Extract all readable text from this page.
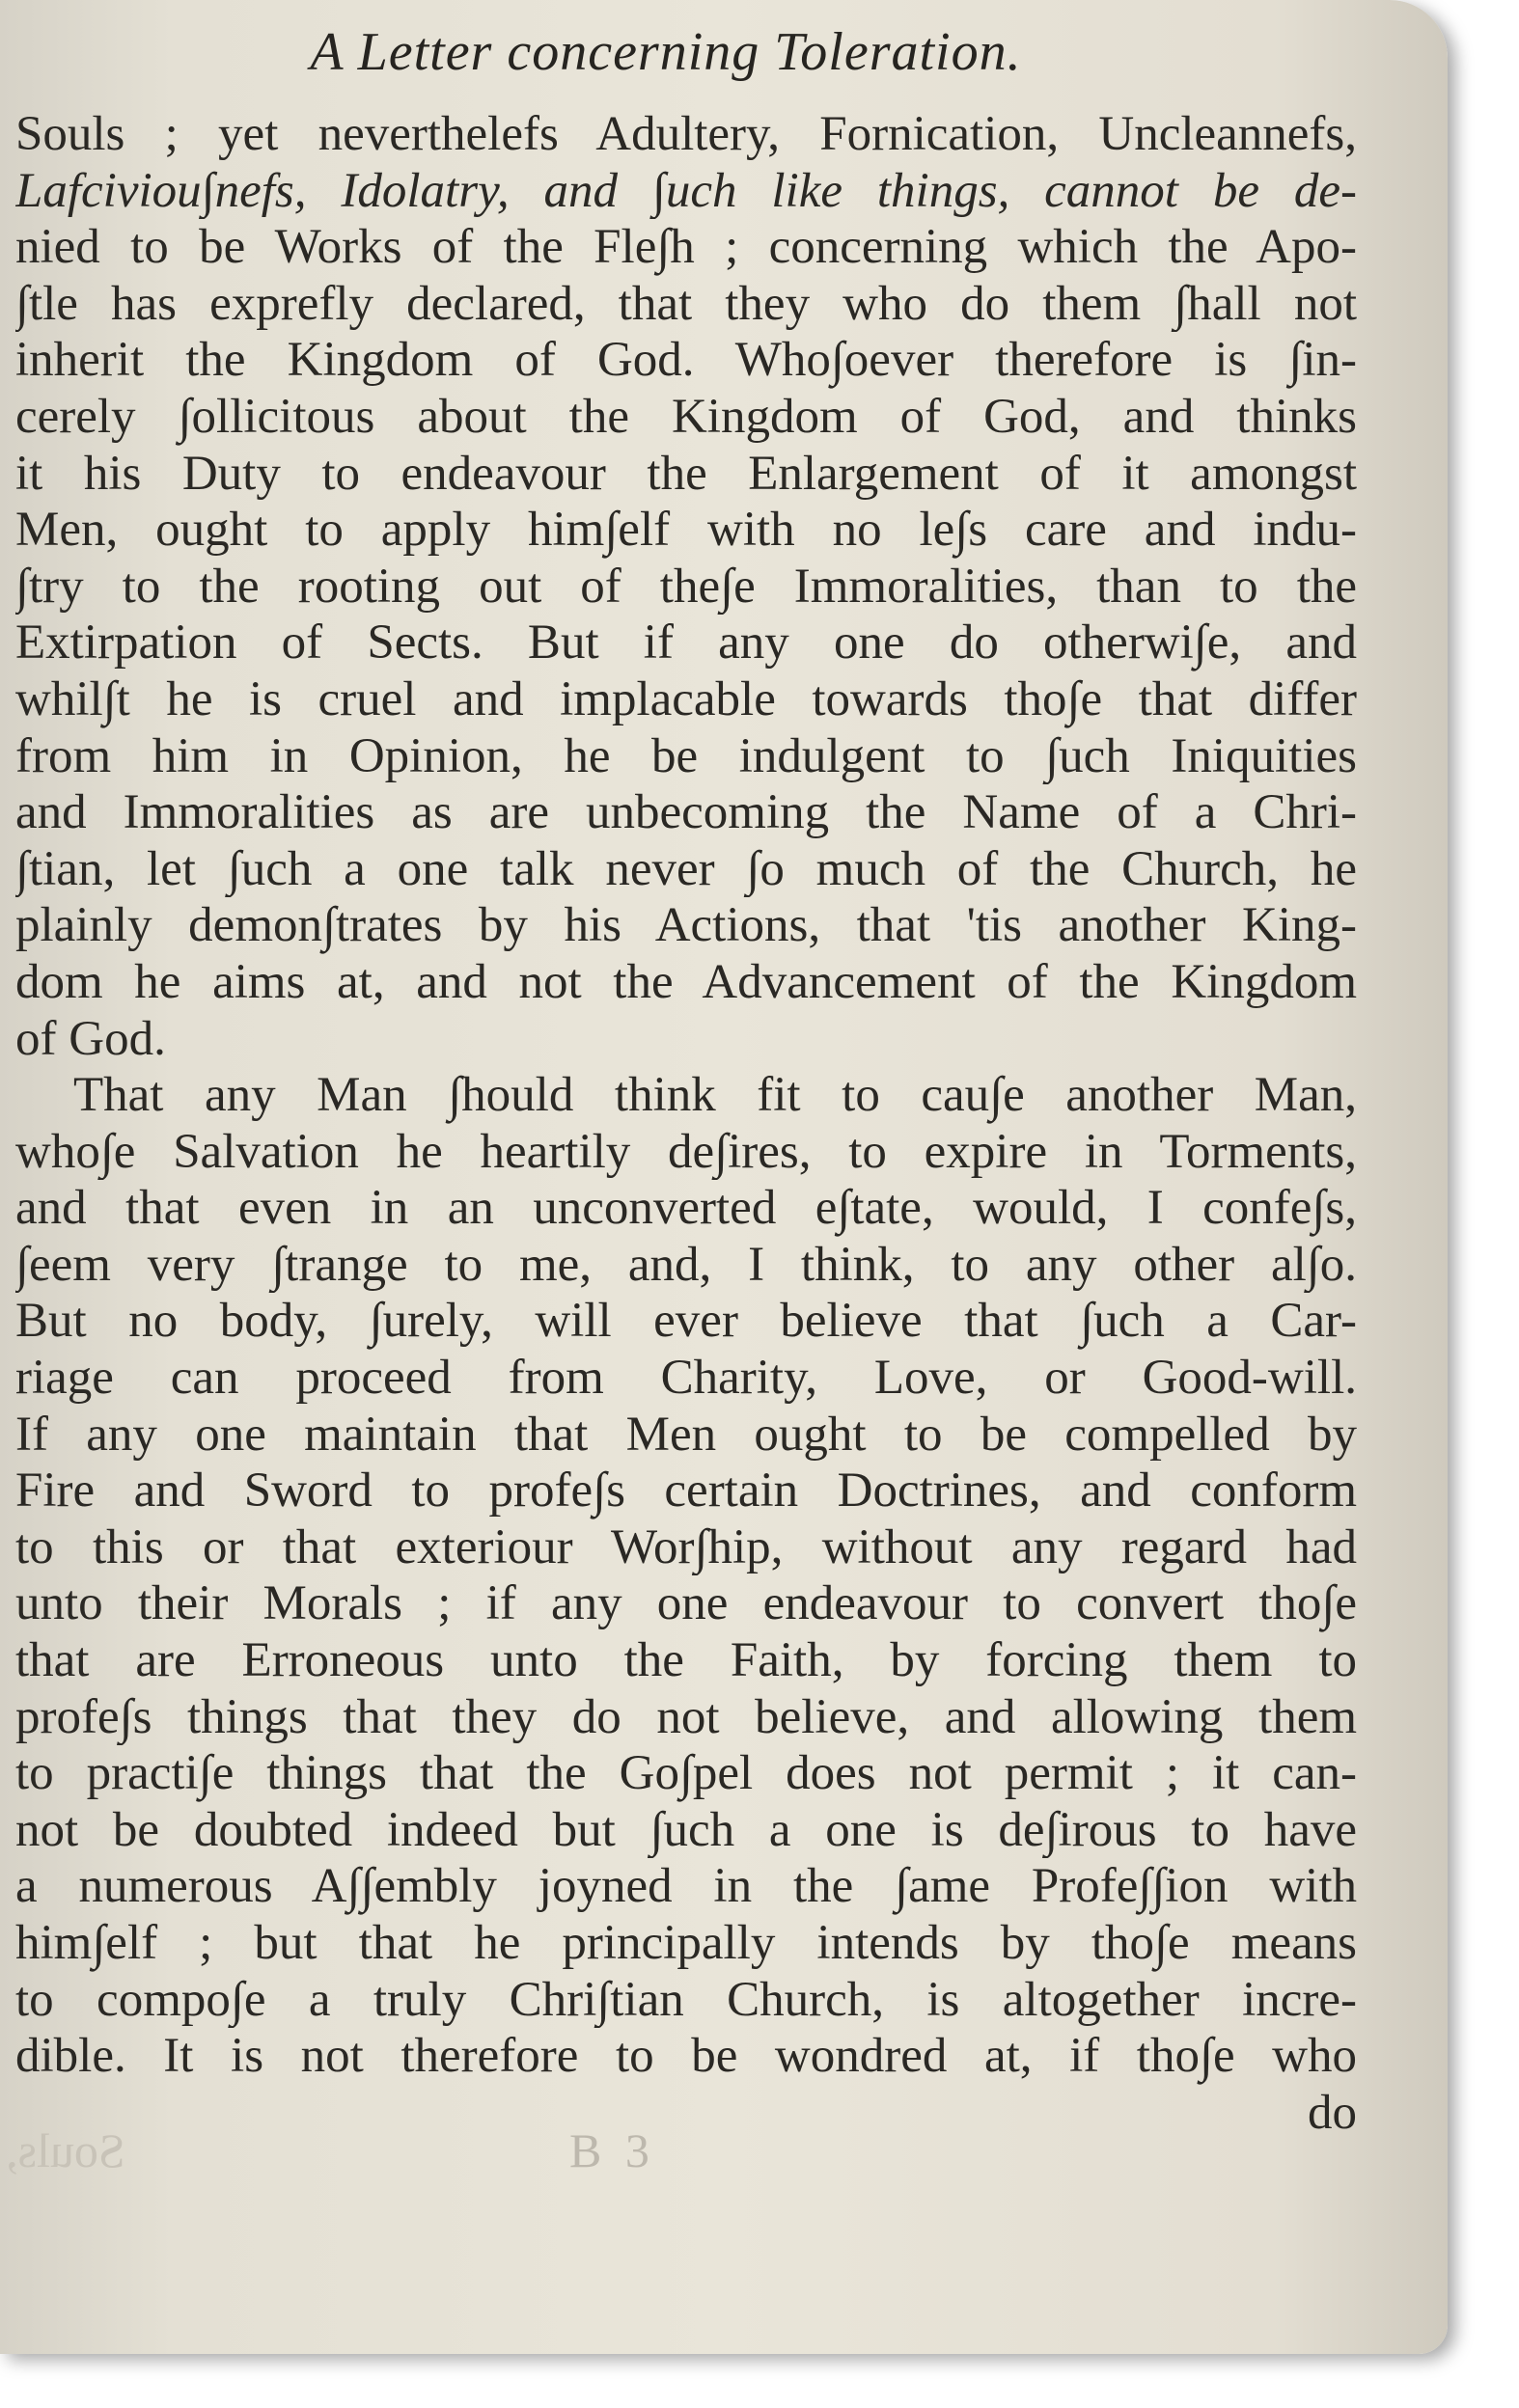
A Letter concerning Toleration.
Souls ; yet neverthelefs Adultery, Fornication, Uncleannefs,
Lafciviou∫nefs, Idolatry, and ∫uch like things, cannot be de-
nied to be Works of the Fle∫h ; concerning which the Apo-
∫tle has exprefly declared, that they who do them ∫hall not
inherit the Kingdom of God. Who∫oever therefore is ∫in-
cerely ∫ollicitous about the Kingdom of God, and thinks
it his Duty to endeavour the Enlargement of it amongst
Men, ought to apply him∫elf with no le∫s care and indu-
∫try to the rooting out of the∫e Immoralities, than to the
Extirpation of Sects. But if any one do otherwi∫e, and
whil∫t he is cruel and implacable towards tho∫e that differ
from him in Opinion, he be indulgent to ∫uch Iniquities
and Immoralities as are unbecoming the Name of a Chri-
∫tian, let ∫uch a one talk never ∫o much of the Church, he
plainly demon∫trates by his Actions, that 'tis another King-
dom he aims at, and not the Advancement of the Kingdom
of God.
That any Man ∫hould think fit to cau∫e another Man,
who∫e Salvation he heartily de∫ires, to expire in Torments,
and that even in an unconverted e∫tate, would, I confe∫s,
∫eem very ∫trange to me, and, I think, to any other al∫o.
But no body, ∫urely, will ever believe that ∫uch a Car-
riage can proceed from Charity, Love, or Good-will.
If any one maintain that Men ought to be compelled by
Fire and Sword to profe∫s certain Doctrines, and conform
to this or that exteriour Wor∫hip, without any regard had
unto their Morals ; if any one endeavour to convert tho∫e
that are Erroneous unto the Faith, by forcing them to
profe∫s things that they do not believe, and allowing them
to practi∫e things that the Go∫pel does not permit ; it can-
not be doubted indeed but ∫uch a one is de∫irous to have
a numerous A∫∫embly joyned in the ∫ame Profe∫∫ion with
him∫elf ; but that he principally intends by tho∫e means
to compo∫e a truly Chri∫tian Church, is altogether incre-
dible. It is not therefore to be wondred at, if tho∫e who
do
Souls,	B 3
